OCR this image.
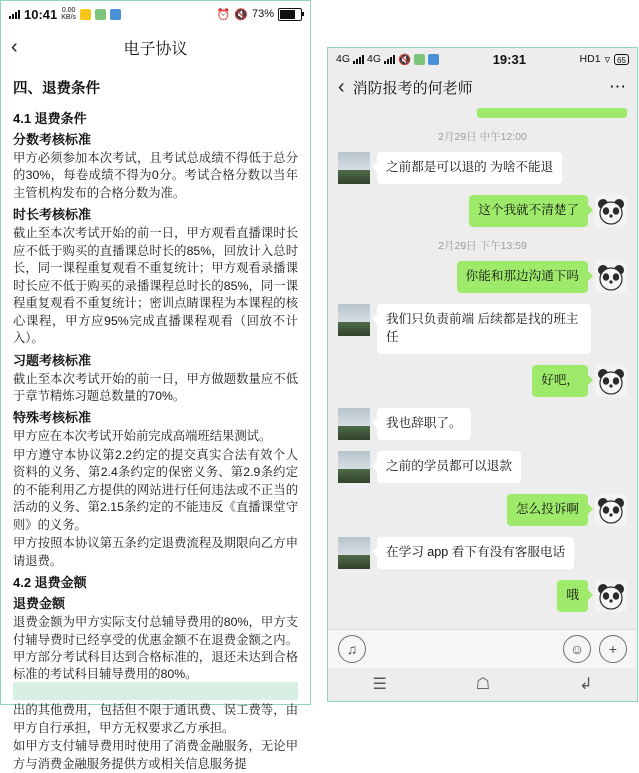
10:41 0.00
KB/s	⏰ 🔇 73%
‹	电子协议
四、退费条件
4.1 退费条件
分数考核标准
甲方必须参加本次考试，且考试总成绩不得低于总分的30%，每卷成绩不得为0分。考试合格分数以当年主管机构发布的合格分数为准。
时长考核标准
截止至本次考试开始的前一日，甲方观看直播课时长应不低于购买的直播课总时长的85%，回放计入总时长，同一课程重复观看不重复统计；甲方观看录播课时长应不低于购买的录播课程总时长的85%，同一课程重复观看不重复统计；密训点睛课程为本课程的核心课程，甲方应95%完成直播课程观看（回放不计入）。
习题考核标准
截止至本次考试开始的前一日，甲方做题数量应不低于章节精炼习题总数量的70%。
特殊考核标准
甲方应在本次考试开始前完成高端班结果测试。
甲方遵守本协议第2.2约定的提交真实合法有效个人资料的义务、第2.4条约定的保密义务、第2.9条约定的不能利用乙方提供的网站进行任何违法或不正当的活动的义务、第2.15条约定的不能违反《直播课堂守则》的义务。
甲方按照本协议第五条约定退费流程及期限向乙方申请退费。
4.2 退费金额
退费金额
退费金额为甲方实际支付总辅导费用的80%，甲方支付辅导费时已经享受的优惠金额不在退费金额之内。甲方部分考试科目达到合格标准的，退还未达到合格标准的考试科目辅导费用的80%。
出的其他费用，包括但不限于通讯费、误工费等，由甲方自行承担，甲方无权要求乙方承担。
如甲方支付辅导费用时使用了消费金融服务，无论甲方与消费金融服务提供方或相关信息服务提
4G 4G 🔇	19:31	HD1 ▿ 65
‹ 消防报考的何老师	⋯
2月29日 中午12:00
之前都是可以退的 为啥不能退
这个我就不清楚了
2月29日 下午13:59
你能和那边沟通下吗
我们只负责前端 后续都是找的班主任
好吧，
我也辞职了。
之前的学员都可以退款
怎么投诉啊
在学习 app 看下有没有客服电话
哦
♫	☺	+
☰	☖	↲
